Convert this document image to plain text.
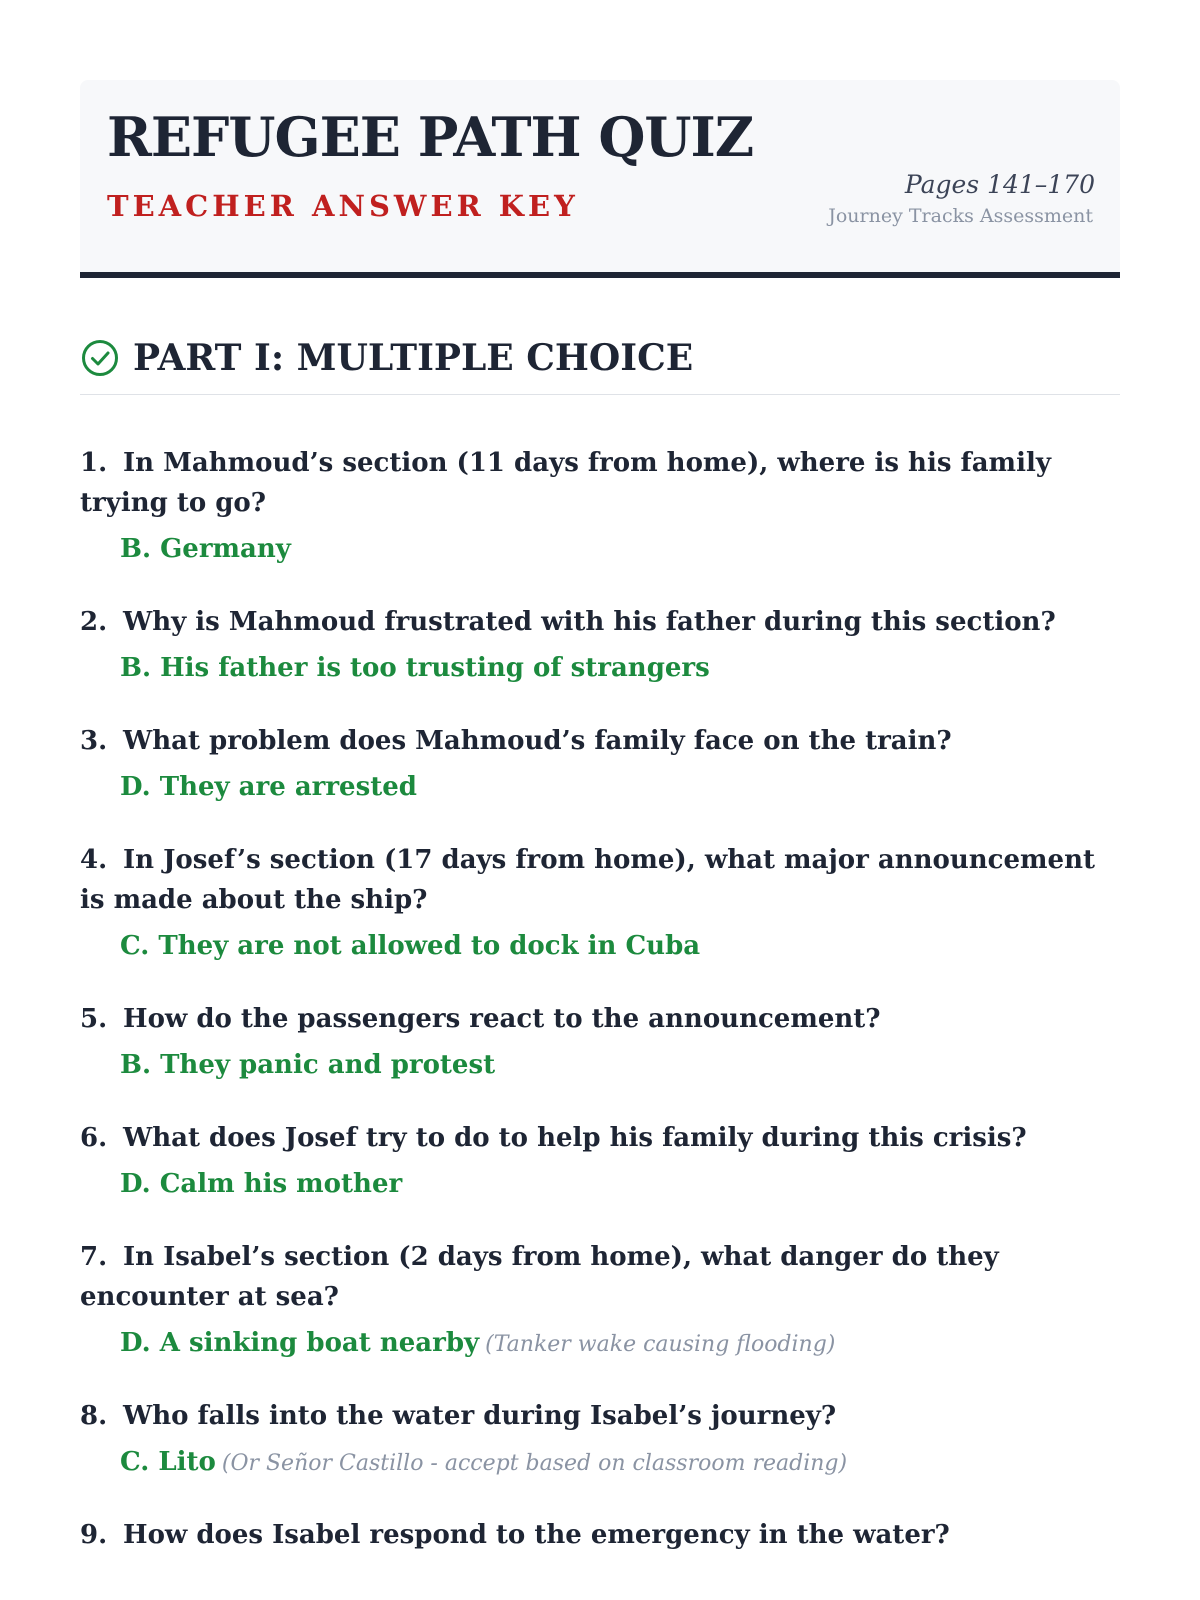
REFUGEE PATH QUIZ
TEACHER ANSWER KEY
Pages 141–170
Journey Tracks Assessment
PART I: MULTIPLE CHOICE

1. In Mahmoud’s section (11 days from home), where is his family trying to go?

B. Germany

2. Why is Mahmoud frustrated with his father during this section?

B. His father is too trusting of strangers

3. What problem does Mahmoud’s family face on the train?

D. They are arrested

4. In Josef’s section (17 days from home), what major announcement is made about the ship?

C. They are not allowed to dock in Cuba

5. How do the passengers react to the announcement?

B. They panic and protest

6. What does Josef try to do to help his family during this crisis?

D. Calm his mother

7. In Isabel’s section (2 days from home), what danger do they encounter at sea?

D. A sinking boat nearby (Tanker wake causing flooding)

8. Who falls into the water during Isabel’s journey?

C. Lito (Or Señor Castillo - accept based on classroom reading)

9. How does Isabel respond to the emergency in the water?
